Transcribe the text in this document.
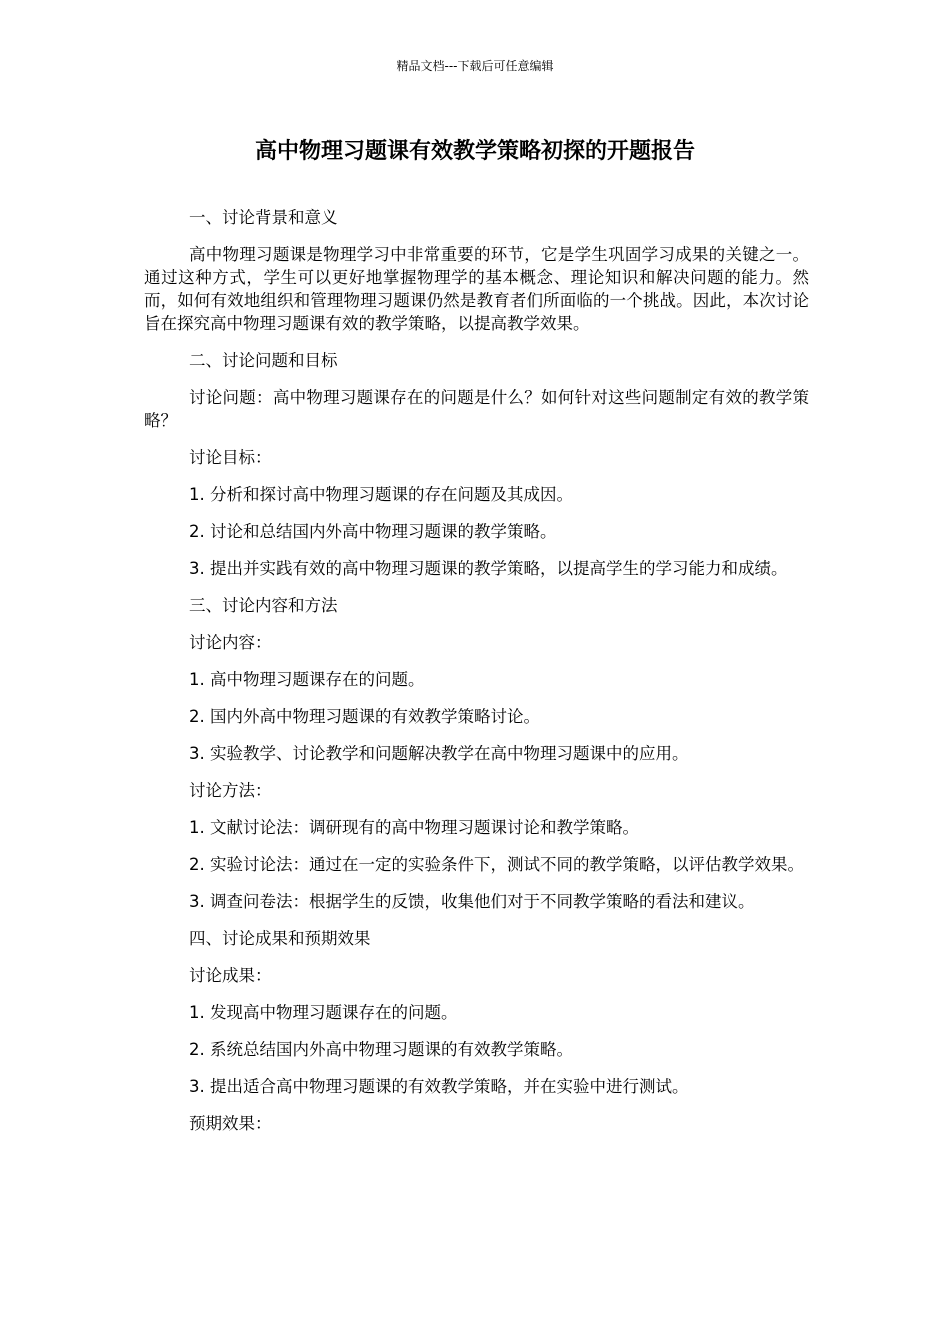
精品文档---下载后可任意编辑
高中物理习题课有效教学策略初探的开题报告

一、讨论背景和意义

高中物理习题课是物理学习中非常重要的环节，它是学生巩固学习成果的关键之一。通过这种方式，学生可以更好地掌握物理学的基本概念、理论知识和解决问题的能力。然而，如何有效地组织和管理物理习题课仍然是教育者们所面临的一个挑战。因此，本次讨论旨在探究高中物理习题课有效的教学策略，以提高教学效果。

二、讨论问题和目标

讨论问题：高中物理习题课存在的问题是什么？如何针对这些问题制定有效的教学策略？

讨论目标：

1. 分析和探讨高中物理习题课的存在问题及其成因。

2. 讨论和总结国内外高中物理习题课的教学策略。

3. 提出并实践有效的高中物理习题课的教学策略，以提高学生的学习能力和成绩。

三、讨论内容和方法

讨论内容：

1. 高中物理习题课存在的问题。

2. 国内外高中物理习题课的有效教学策略讨论。

3. 实验教学、讨论教学和问题解决教学在高中物理习题课中的应用。

讨论方法：

1. 文献讨论法：调研现有的高中物理习题课讨论和教学策略。

2. 实验讨论法：通过在一定的实验条件下，测试不同的教学策略，以评估教学效果。

3. 调查问卷法：根据学生的反馈，收集他们对于不同教学策略的看法和建议。

四、讨论成果和预期效果

讨论成果：

1. 发现高中物理习题课存在的问题。

2. 系统总结国内外高中物理习题课的有效教学策略。

3. 提出适合高中物理习题课的有效教学策略，并在实验中进行测试。

预期效果：
